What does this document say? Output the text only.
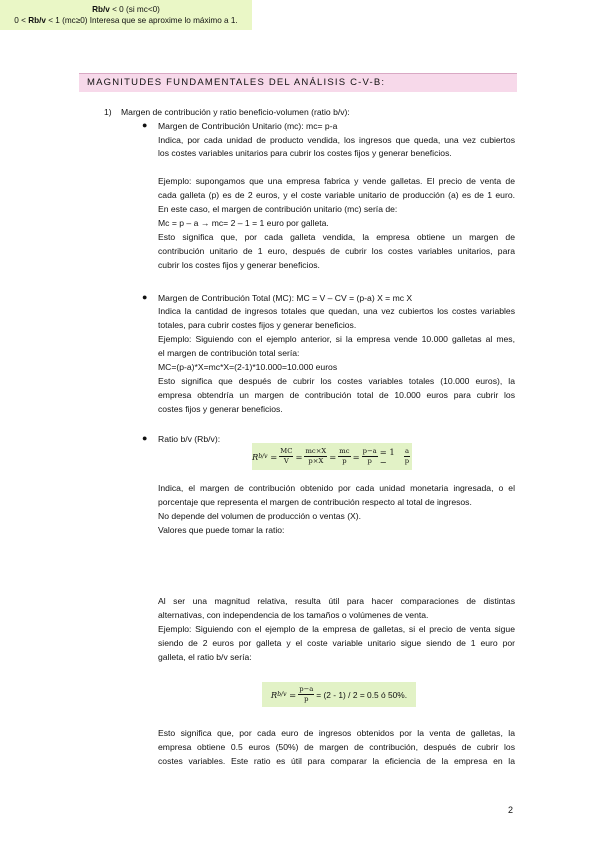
MAGNITUDES FUNDAMENTALES DEL ANÁLISIS C-V-B:
1) Margen de contribución y ratio beneficio-volumen (ratio b/v):
● Margen de Contribución Unitario (mc): mc= p-a
Indica, por cada unidad de producto vendida, los ingresos que queda, una vez cubiertos
los costes variables unitarios para cubrir los costes fijos y generar beneficios.
Ejemplo: supongamos que una empresa fabrica y vende galletas. El precio de venta de
cada galleta (p) es de 2 euros, y el coste variable unitario de producción (a) es de 1 euro.
En este caso, el margen de contribución unitario (mc) sería de:
Mc = p – a → mc= 2 – 1 = 1 euro por galleta.
Esto significa que, por cada galleta vendida, la empresa obtiene un margen de
contribución unitario de 1 euro, después de cubrir los costes variables unitarios, para
cubrir los costes fijos y generar beneficios.
● Margen de Contribución Total (MC): MC = V – CV = (p-a) X = mc X
Indica la cantidad de ingresos totales que quedan, una vez cubiertos los costes variables
totales, para cubrir costes fijos y generar beneficios.
Ejemplo: Siguiendo con el ejemplo anterior, si la empresa vende 10.000 galletas al mes,
el margen de contribución total sería:
MC=(p-a)*X=mc*X=(2-1)*10.000=10.000 euros
Esto significa que después de cubrir los costes variables totales (10.000 euros), la
empresa obtendría un margen de contribución total de 10.000 euros para cubrir los
costes fijos y generar beneficios.
● Ratio b/v (Rb/v):
R $b/v = \frac{MC}{V} = \frac{mc\times X}{p\times X} = \frac{mc}{p} = \frac{p-a}{p} = 1$ −	$\frac{a}{p}$
Indica, el margen de contribución obtenido por cada unidad monetaria ingresada, o el
porcentaje que representa el margen de contribución respecto al total de ingresos.
No depende del volumen de producción o ventas (X).
Valores que puede tomar la ratio:
Rb/v < 0 (si mc<0)
0 < Rb/v < 1 (mc≥0) Interesa que se aproxime lo máximo a 1.
Al ser una magnitud relativa, resulta útil para hacer comparaciones de distintas
alternativas, con independencia de los tamaños o volúmenes de venta.
Ejemplo: Siguiendo con el ejemplo de la empresa de galletas, si el precio de venta sigue
siendo de 2 euros por galleta y el coste variable unitario sigue siendo de 1 euro por
galleta, el ratio b/v sería:
R $b/v = \frac{p-a}{p} = (2 - 1) / 2 = 0.5$ ó 50%.
Esto significa que, por cada euro de ingresos obtenidos por la venta de galletas, la
empresa obtiene 0.5 euros (50%) de margen de contribución, después de cubrir los
costes variables. Este ratio es útil para comparar la eficiencia de la empresa en la
2
